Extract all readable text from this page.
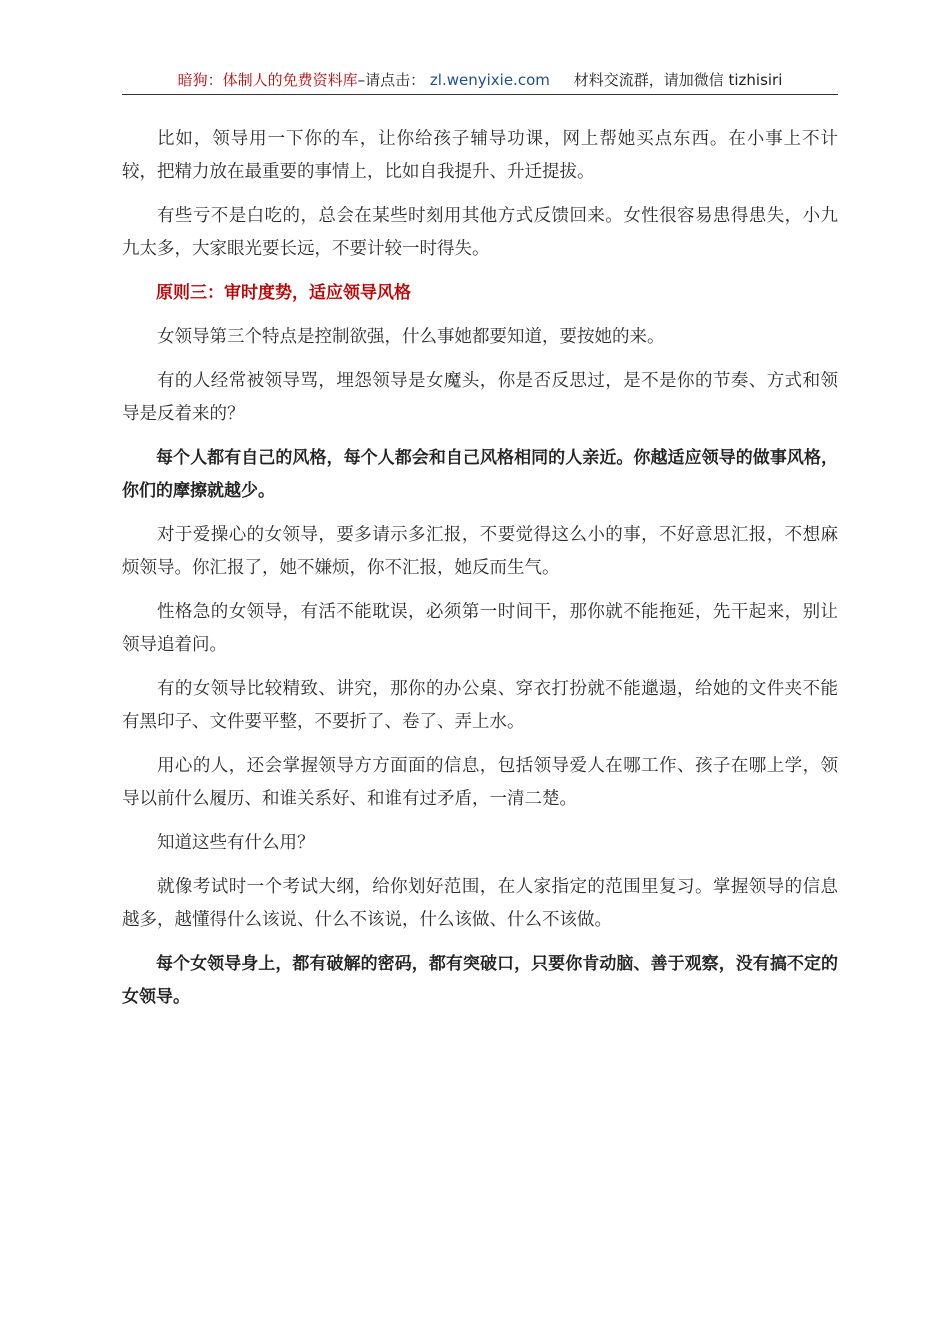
暗狗：体制人的免费资料库–请点击： zl.wenyixie.com 材料交流群，请加微信 tizhisiri

比如，领导用一下你的车，让你给孩子辅导功课，网上帮她买点东西。在小事上不计较，把精力放在最重要的事情上，比如自我提升、升迁提拔。

有些亏不是白吃的，总会在某些时刻用其他方式反馈回来。女性很容易患得患失，小九九太多，大家眼光要长远，不要计较一时得失。

原则三：审时度势，适应领导风格

女领导第三个特点是控制欲强，什么事她都要知道，要按她的来。

有的人经常被领导骂，埋怨领导是女魔头，你是否反思过，是不是你的节奏、方式和领导是反着来的？

每个人都有自己的风格，每个人都会和自己风格相同的人亲近。你越适应领导的做事风格，你们的摩擦就越少。

对于爱操心的女领导，要多请示多汇报，不要觉得这么小的事，不好意思汇报，不想麻烦领导。你汇报了，她不嫌烦，你不汇报，她反而生气。

性格急的女领导，有活不能耽误，必须第一时间干，那你就不能拖延，先干起来，别让领导追着问。

有的女领导比较精致、讲究，那你的办公桌、穿衣打扮就不能邋遢，给她的文件夹不能有黑印子、文件要平整，不要折了、卷了、弄上水。

用心的人，还会掌握领导方方面面的信息，包括领导爱人在哪工作、孩子在哪上学，领导以前什么履历、和谁关系好、和谁有过矛盾，一清二楚。

知道这些有什么用？

就像考试时一个考试大纲，给你划好范围，在人家指定的范围里复习。掌握领导的信息越多，越懂得什么该说、什么不该说，什么该做、什么不该做。

每个女领导身上，都有破解的密码，都有突破口，只要你肯动脑、善于观察，没有搞不定的女领导。
